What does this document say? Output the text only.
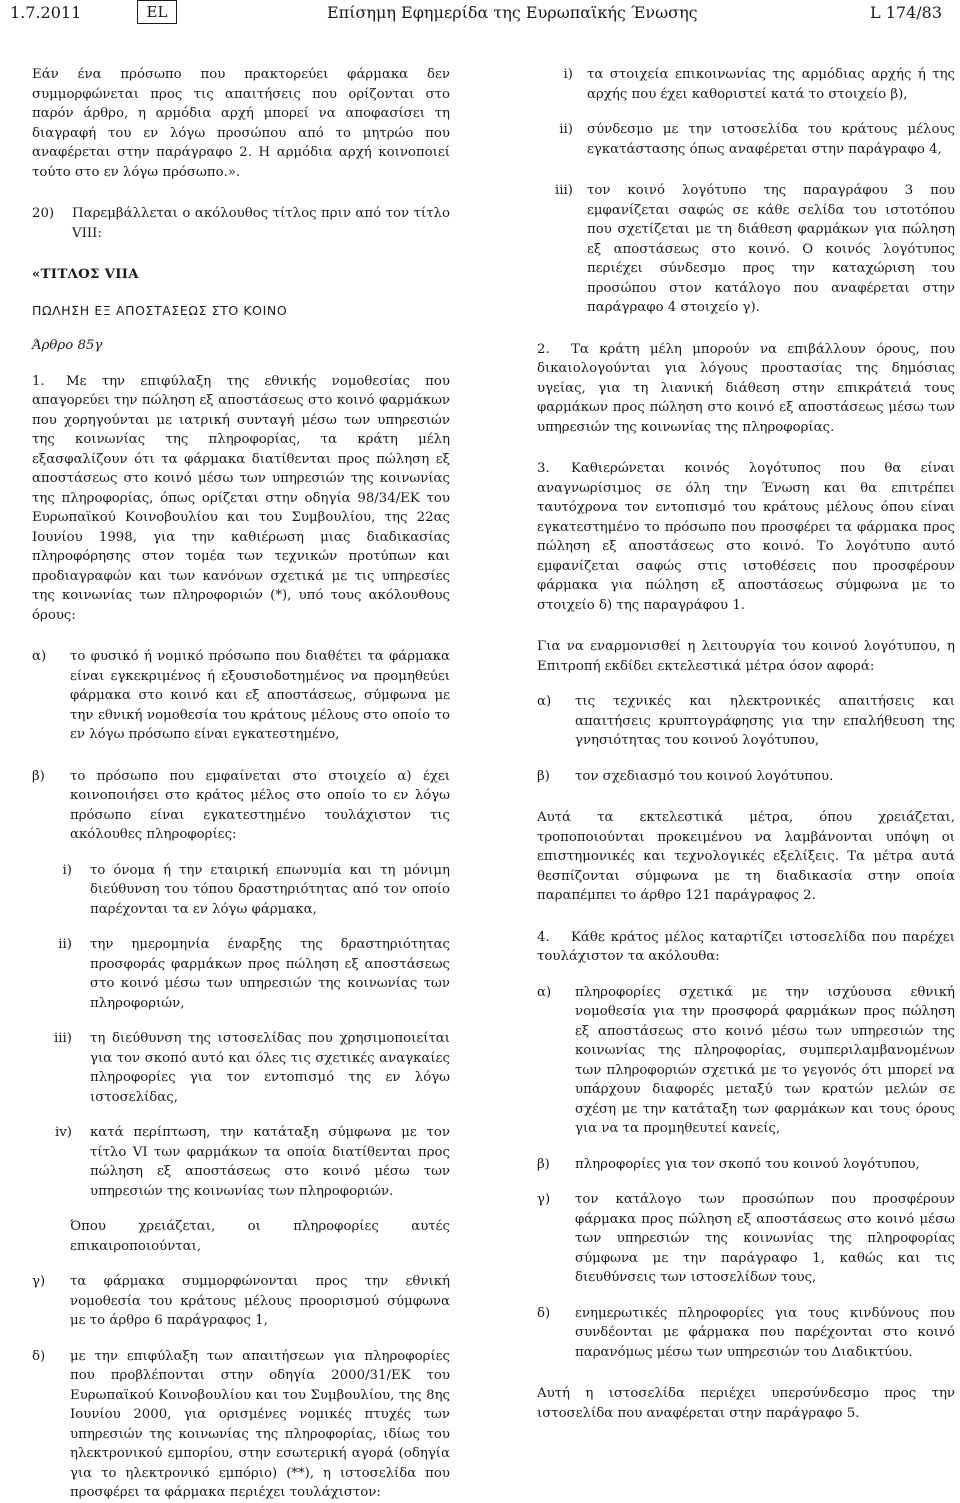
1.7.2011	EL	Επίσημη Εφημερίδα της Ευρωπαϊκής Ένωσης	L 174/83

Εάν ένα πρόσωπο που πρακτορεύει φάρμακα δεν συμμορφώνεται προς τις απαιτήσεις που ορίζονται στο παρόν άρθρο, η αρμόδια αρχή μπορεί να αποφασίσει τη διαγραφή του εν λόγω προσώπου από το μητρώο που αναφέρεται στην παράγραφο 2. Η αρμόδια αρχή κοινοποιεί τούτο στο εν λόγω πρόσωπο.».

20) Παρεμβάλλεται ο ακόλουθος τίτλος πριν από τον τίτλο VIII:

«ΤΙΤΛΟΣ VIIA

ΠΩΛΗΣΗ ΕΞ ΑΠΟΣΤΑΣΕΩΣ ΣΤΟ ΚΟΙΝΟ

Άρθρο 85γ

1. Με την επιφύλαξη της εθνικής νομοθεσίας που απαγορεύει την πώληση εξ αποστάσεως στο κοινό φαρμάκων που χορηγούνται με ιατρική συνταγή μέσω των υπηρεσιών της κοινωνίας της πληροφορίας, τα κράτη μέλη εξασφαλίζουν ότι τα φάρμακα διατίθενται προς πώληση εξ αποστάσεως στο κοινό μέσω των υπηρεσιών της κοινωνίας της πληροφορίας, όπως ορίζεται στην οδηγία 98/34/ΕΚ του Ευρωπαϊκού Κοινοβουλίου και του Συμβουλίου, της 22ας Ιουνίου 1998, για την καθιέρωση μιας διαδικασίας πληροφόρησης στον τομέα των τεχνικών προτύπων και προδιαγραφών και των κανόνων σχετικά με τις υπηρεσίες της κοινωνίας των πληροφοριών (*), υπό τους ακόλουθους όρους:

α) το φυσικό ή νομικό πρόσωπο που διαθέτει τα φάρμακα είναι εγκεκριμένος ή εξουσιοδοτημένος να προμηθεύει φάρμακα στο κοινό και εξ αποστάσεως, σύμφωνα με την εθνική νομοθεσία του κράτους μέλους στο οποίο το εν λόγω πρόσωπο είναι εγκατεστημένο,
β) το πρόσωπο που εμφαίνεται στο στοιχείο α) έχει κοινοποιήσει στο κράτος μέλος στο οποίο το εν λόγω πρόσωπο είναι εγκατεστημένο τουλάχιστον τις ακόλουθες πληροφορίες:
i) το όνομα ή την εταιρική επωνυμία και τη μόνιμη διεύθυνση του τόπου δραστηριότητας από τον οποίο παρέχονται τα εν λόγω φάρμακα,
ii) την ημερομηνία έναρξης της δραστηριότητας προσφοράς φαρμάκων προς πώληση εξ αποστάσεως στο κοινό μέσω των υπηρεσιών της κοινωνίας των πληροφοριών,
iii) τη διεύθυνση της ιστοσελίδας που χρησιμοποιείται για τον σκοπό αυτό και όλες τις σχετικές αναγκαίες πληροφορίες για τον εντοπισμό της εν λόγω ιστοσελίδας,
iv) κατά περίπτωση, την κατάταξη σύμφωνα με τον τίτλο VI των φαρμάκων τα οποία διατίθενται προς πώληση εξ αποστάσεως στο κοινό μέσω των υπηρεσιών της κοινωνίας των πληροφοριών.

Όπου χρειάζεται, οι πληροφορίες αυτές επικαιροποιούνται,

γ) τα φάρμακα συμμορφώνονται προς την εθνική νομοθεσία του κράτους μέλους προορισμού σύμφωνα με το άρθρο 6 παράγραφος 1,
δ) με την επιφύλαξη των απαιτήσεων για πληροφορίες που προβλέπονται στην οδηγία 2000/31/ΕΚ του Ευρωπαϊκού Κοινοβουλίου και του Συμβουλίου, της 8ης Ιουνίου 2000, για ορισμένες νομικές πτυχές των υπηρεσιών της κοινωνίας της πληροφορίας, ιδίως του ηλεκτρονικού εμπορίου, στην εσωτερική αγορά (οδηγία για το ηλεκτρονικό εμπόριο) (**), η ιστοσελίδα που προσφέρει τα φάρμακα περιέχει τουλάχιστον:
i) τα στοιχεία επικοινωνίας της αρμόδιας αρχής ή της αρχής που έχει καθοριστεί κατά το στοιχείο β),
ii) σύνδεσμο με την ιστοσελίδα του κράτους μέλους εγκατάστασης όπως αναφέρεται στην παράγραφο 4,
iii) τον κοινό λογότυπο της παραγράφου 3 που εμφανίζεται σαφώς σε κάθε σελίδα του ιστοτόπου που σχετίζεται με τη διάθεση φαρμάκων για πώληση εξ αποστάσεως στο κοινό. Ο κοινός λογότυπος περιέχει σύνδεσμο προς την καταχώριση του προσώπου στον κατάλογο που αναφέρεται στην παράγραφο 4 στοιχείο γ).

2. Τα κράτη μέλη μπορούν να επιβάλλουν όρους, που δικαιολογούνται για λόγους προστασίας της δημόσιας υγείας, για τη λιανική διάθεση στην επικράτειά τους φαρμάκων προς πώληση στο κοινό εξ αποστάσεως μέσω των υπηρεσιών της κοινωνίας της πληροφορίας.

3. Καθιερώνεται κοινός λογότυπος που θα είναι αναγνωρίσιμος σε όλη την Ένωση και θα επιτρέπει ταυτόχρονα τον εντοπισμό του κράτους μέλους όπου είναι εγκατεστημένο το πρόσωπο που προσφέρει τα φάρμακα προς πώληση εξ αποστάσεως στο κοινό. Το λογότυπο αυτό εμφανίζεται σαφώς στις ιστοθέσεις που προσφέρουν φάρμακα για πώληση εξ αποστάσεως σύμφωνα με το στοιχείο δ) της παραγράφου 1.

Για να εναρμονισθεί η λειτουργία του κοινού λογότυπου, η Επιτροπή εκδίδει εκτελεστικά μέτρα όσον αφορά:

α) τις τεχνικές και ηλεκτρονικές απαιτήσεις και απαιτήσεις κρυπτογράφησης για την επαλήθευση της γνησιότητας του κοινού λογότυπου,
β) τον σχεδιασμό του κοινού λογότυπου.

Αυτά τα εκτελεστικά μέτρα, όπου χρειάζεται, τροποποιούνται προκειμένου να λαμβάνονται υπόψη οι επιστημονικές και τεχνολογικές εξελίξεις. Τα μέτρα αυτά θεσπίζονται σύμφωνα με τη διαδικασία στην οποία παραπέμπει το άρθρο 121 παράγραφος 2.

4. Κάθε κράτος μέλος καταρτίζει ιστοσελίδα που παρέχει τουλάχιστον τα ακόλουθα:

α) πληροφορίες σχετικά με την ισχύουσα εθνική νομοθεσία για την προσφορά φαρμάκων προς πώληση εξ αποστάσεως στο κοινό μέσω των υπηρεσιών της κοινωνίας της πληροφορίας, συμπεριλαμβανομένων των πληροφοριών σχετικά με το γεγονός ότι μπορεί να υπάρχουν διαφορές μεταξύ των κρατών μελών σε σχέση με την κατάταξη των φαρμάκων και τους όρους για να τα προμηθευτεί κανείς,
β) πληροφορίες για τον σκοπό του κοινού λογότυπου,
γ) τον κατάλογο των προσώπων που προσφέρουν φάρμακα προς πώληση εξ αποστάσεως στο κοινό μέσω των υπηρεσιών της κοινωνίας της πληροφορίας σύμφωνα με την παράγραφο 1, καθώς και τις διευθύνσεις των ιστοσελίδων τους,
δ) ενημερωτικές πληροφορίες για τους κινδύνους που συνδέονται με φάρμακα που παρέχονται στο κοινό παρανόμως μέσω των υπηρεσιών του Διαδικτύου.

Αυτή η ιστοσελίδα περιέχει υπερσύνδεσμο προς την ιστοσελίδα που αναφέρεται στην παράγραφο 5.
